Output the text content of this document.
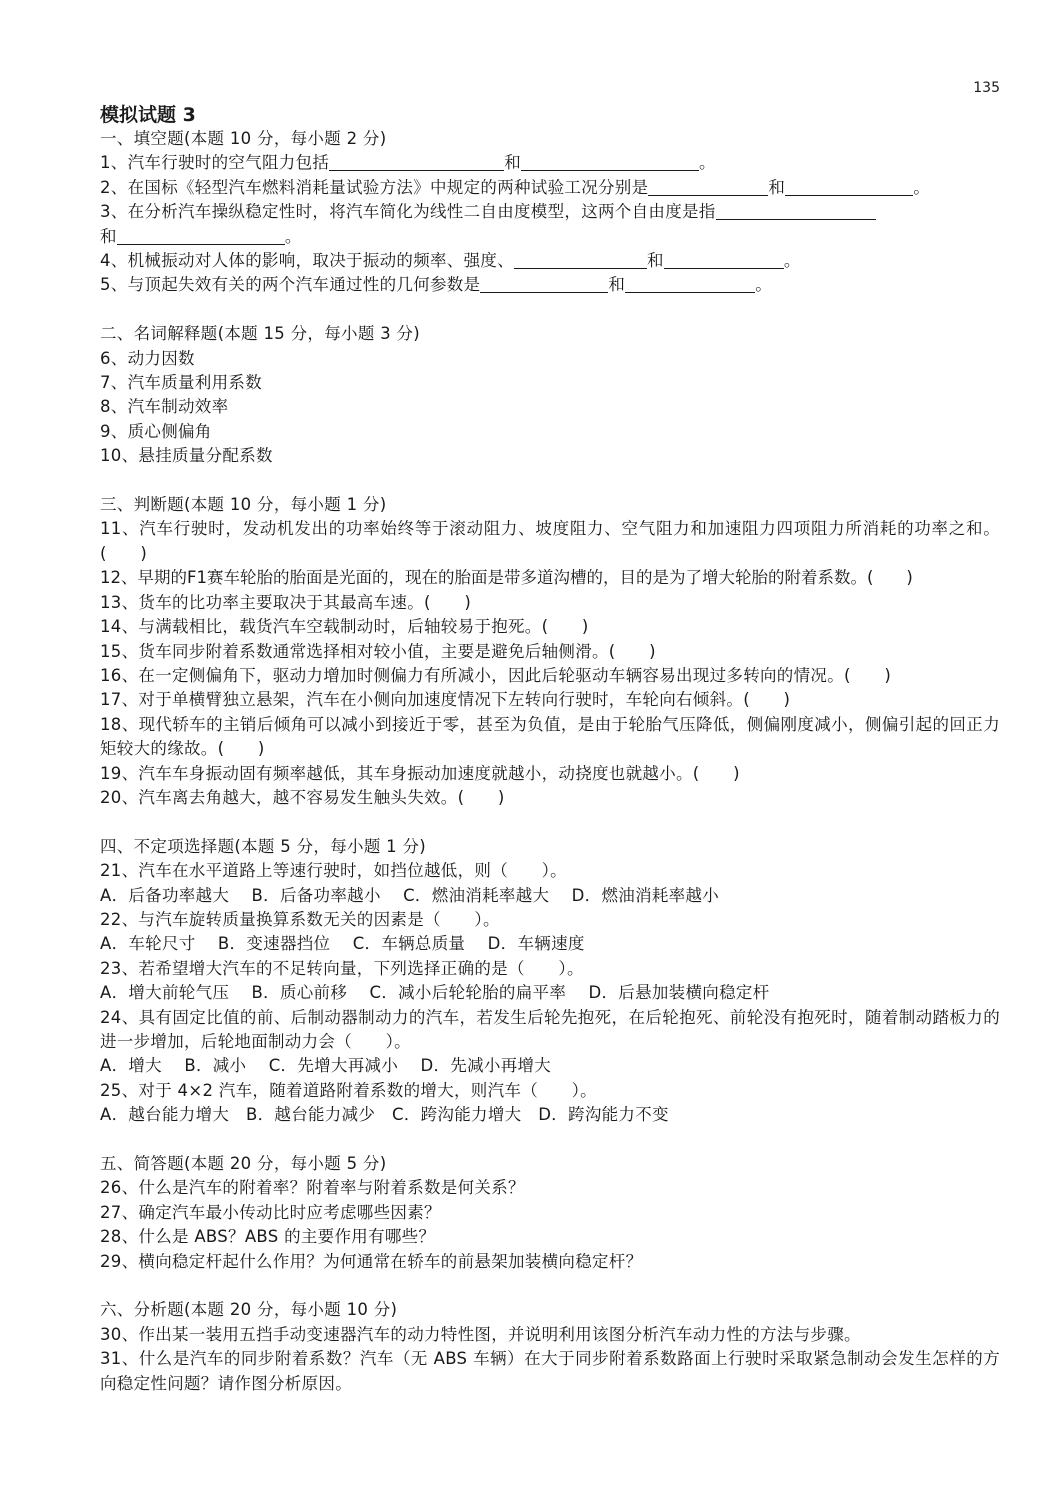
135
模拟试题 3
一、填空题(本题 10 分，每小题 2 分)
1、汽车行驶时的空气阻力包括	和	。
2、在国标《轻型汽车燃料消耗量试验方法》中规定的两种试验工况分别是	和	。
3、在分析汽车操纵稳定性时，将汽车简化为线性二自由度模型，这两个自由度是指
和	。
4、机械振动对人体的影响，取决于振动的频率、强度、	和	。
5、与顶起失效有关的两个汽车通过性的几何参数是	和	。
二、名词解释题(本题 15 分，每小题 3 分)
6、动力因数
7、汽车质量利用系数
8、汽车制动效率
9、质心侧偏角
10、悬挂质量分配系数
三、判断题(本题 10 分，每小题 1 分)
11、汽车行驶时，发动机发出的功率始终等于滚动阻力、坡度阻力、空气阻力和加速阻力四项阻力所消耗的功率之和。(　　)
12、早期的F1赛车轮胎的胎面是光面的，现在的胎面是带多道沟槽的，目的是为了增大轮胎的附着系数。(　　)
13、货车的比功率主要取决于其最高车速。(　　)
14、与满载相比，载货汽车空载制动时，后轴较易于抱死。(　　)
15、货车同步附着系数通常选择相对较小值，主要是避免后轴侧滑。(　　)
16、在一定侧偏角下，驱动力增加时侧偏力有所减小，因此后轮驱动车辆容易出现过多转向的情况。(　　)
17、对于单横臂独立悬架，汽车在小侧向加速度情况下左转向行驶时，车轮向右倾斜。(　　)
18、现代轿车的主销后倾角可以减小到接近于零，甚至为负值，是由于轮胎气压降低，侧偏刚度减小，侧偏引起的回正力矩较大的缘故。(　　)
19、汽车车身振动固有频率越低，其车身振动加速度就越小，动挠度也就越小。(　　)
20、汽车离去角越大，越不容易发生触头失效。(　　)
四、不定项选择题(本题 5 分，每小题 1 分)
21、汽车在水平道路上等速行驶时，如挡位越低，则（　　）。
A．后备功率越大　 B．后备功率越小　 C．燃油消耗率越大　 D．燃油消耗率越小
22、与汽车旋转质量换算系数无关的因素是（　　）。
A．车轮尺寸　 B．变速器挡位　 C．车辆总质量　 D．车辆速度
23、若希望增大汽车的不足转向量，下列选择正确的是（　　）。
A．增大前轮气压　 B．质心前移　 C．减小后轮轮胎的扁平率　 D．后悬加装横向稳定杆
24、具有固定比值的前、后制动器制动力的汽车，若发生后轮先抱死，在后轮抱死、前轮没有抱死时，随着制动踏板力的进一步增加，后轮地面制动力会（　　）。
A．增大　 B．减小　 C．先增大再减小　 D．先减小再增大
25、对于 4×2 汽车，随着道路附着系数的增大，则汽车（　　）。
A．越台能力增大　B．越台能力减少　C．跨沟能力增大　D．跨沟能力不变
五、简答题(本题 20 分，每小题 5 分)
26、什么是汽车的附着率？附着率与附着系数是何关系？
27、确定汽车最小传动比时应考虑哪些因素？
28、什么是 ABS？ABS 的主要作用有哪些？
29、横向稳定杆起什么作用？为何通常在轿车的前悬架加装横向稳定杆？
六、分析题(本题 20 分，每小题 10 分)
30、作出某一装用五挡手动变速器汽车的动力特性图，并说明利用该图分析汽车动力性的方法与步骤。
31、什么是汽车的同步附着系数？汽车（无 ABS 车辆）在大于同步附着系数路面上行驶时采取紧急制动会发生怎样的方向稳定性问题？请作图分析原因。
